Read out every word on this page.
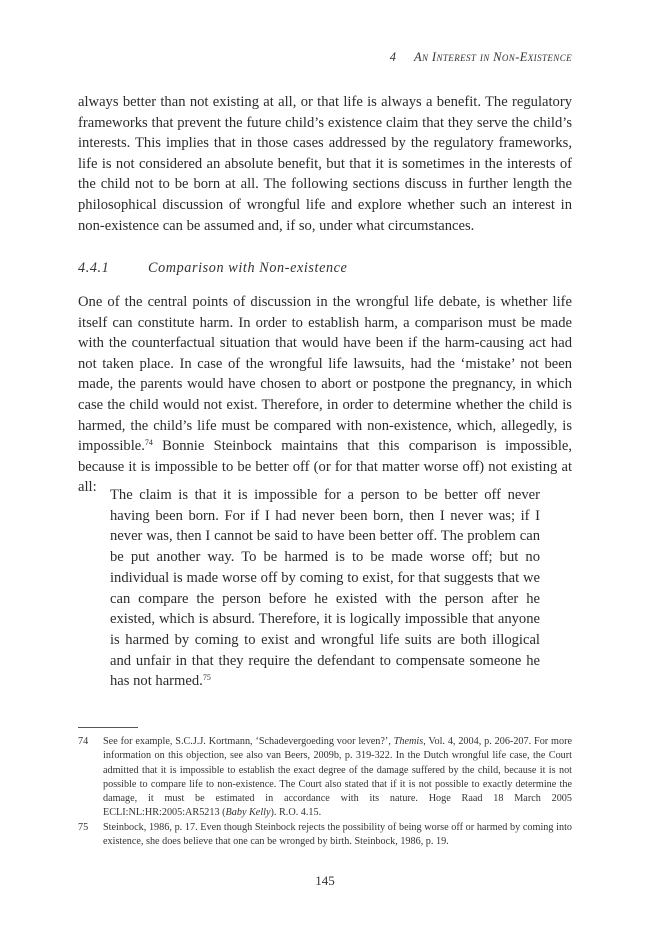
4 An Interest in Non-Existence

always better than not existing at all, or that life is always a benefit. The regulatory frameworks that prevent the future child’s existence claim that they serve the child’s interests. This implies that in those cases addressed by the regulatory frameworks, life is not considered an absolute benefit, but that it is sometimes in the interests of the child not to be born at all. The following sections discuss in further length the philosophical discussion of wrongful life and explore whether such an interest in non-existence can be assumed and, if so, under what circumstances.

4.4.1	Comparison with Non-existence

One of the central points of discussion in the wrongful life debate, is whether life itself can constitute harm. In order to establish harm, a comparison must be made with the counterfactual situation that would have been if the harm-causing act had not taken place. In case of the wrongful life lawsuits, had the ‘mistake’ not been made, the parents would have chosen to abort or postpone the pregnancy, in which case the child would not exist. Therefore, in order to determine whether the child is harmed, the child’s life must be compared with non-existence, which, allegedly, is impossible.$^{74}$ Bonnie Steinbock maintains that this comparison is impossible, because it is impossible to be better off (or for that matter worse off) not existing at all: The claim is that it is impossible for a person to be better off never having been born. For if I had never been born, then I never was; if I never was, then I cannot be said to have been better off. The problem can be put another way. To be harmed is to be made worse off; but no individual is made worse off by coming to exist, for that suggests that we can compare the person before he existed with the person after he existed, which is absurd. Therefore, it is logically impossible that anyone is harmed by coming to exist and wrongful life suits are both illogical and unfair in that they require the defendant to compensate someone he has not harmed.$^{75}$
74	See for example, S.C.J.J. Kortmann, ‘Schadevergoeding voor leven?’, Themis, Vol. 4, 2004, p. 206-207. For more information on this objection, see also van Beers, 2009b, p. 319-322. In the Dutch wrongful life case, the Court admitted that it is impossible to establish the exact degree of the damage suffered by the child, because it is not possible to compare life to non-existence. The Court also stated that if it is not possible to exactly determine the damage, it must be estimated in accordance with its nature. Hoge Raad 18 March 2005 ECLI:NL:HR:2005:AR5213 (Baby Kelly). R.O. 4.15.
75	Steinbock, 1986, p. 17. Even though Steinbock rejects the possibility of being worse off or harmed by coming into existence, she does believe that one can be wronged by birth. Steinbock, 1986, p. 19.
145
